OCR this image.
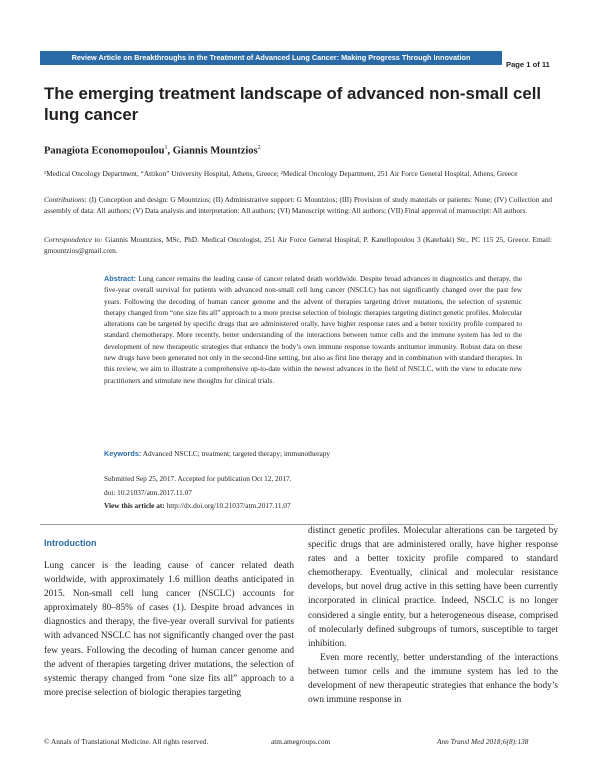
Review Article on Breakthroughs in the Treatment of Advanced Lung Cancer: Making Progress Through Innovation
Page 1 of 11
The emerging treatment landscape of advanced non-small cell lung cancer
Panagiota Economopoulou$^1$, Giannis Mountzios$^2$
¹Medical Oncology Department, “Attikon” University Hospital, Athens, Greece; ²Medical Oncology Department, 251 Air Force General Hospital, Athens, Greece
Contributions: (I) Conception and design: G Mountzios; (II) Administrative support: G Mountzios; (III) Provision of study materials or patients: None; (IV) Collection and assembly of data: All authors; (V) Data analysis and interpretation: All authors; (VI) Manuscript writing: All authors; (VII) Final approval of manuscript: All authors.
Correspondence to: Giannis Mountzios, MSc, PhD. Medical Oncologist, 251 Air Force General Hospital, P. Kanellopoulou 3 (Katehaki) Str., PC 115 25, Greece. Email: gmountzios@gmail.com.
Abstract: Lung cancer remains the leading cause of cancer related death worldwide. Despite broad advances in diagnostics and therapy, the five-year overall survival for patients with advanced non-small cell lung cancer (NSCLC) has not significantly changed over the past few years. Following the decoding of human cancer genome and the advent of therapies targeting driver mutations, the selection of systemic therapy changed from “one size fits all” approach to a more precise selection of biologic therapies targeting distinct genetic profiles. Molecular alterations can be targeted by specific drugs that are administered orally, have higher response rates and a better toxicity profile compared to standard chemotherapy. More recently, better understanding of the interactions between tumor cells and the immune system has led to the development of new therapeutic strategies that enhance the body’s own immune response towards antitumor immunity. Robust data on these new drugs have been generated not only in the second-line setting, but also as first line therapy and in combination with standard therapies. In this review, we aim to illustrate a comprehensive up-to-date within the newest advances in the field of NSCLC, with the view to educate new practitioners and stimulate new thoughts for clinical trials.
Keywords: Advanced NSCLC; treatment; targeted therapy; immunotherapy
Submitted Sep 25, 2017. Accepted for publication Oct 12, 2017.
doi: 10.21037/atm.2017.11.07
View this article at: http://dx.doi.org/10.21037/atm.2017.11.07
Introduction

Lung cancer is the leading cause of cancer related death worldwide, with approximately 1.6 million deaths anticipated in 2015. Non-small cell lung cancer (NSCLC) accounts for approximately 80–85% of cases (1). Despite broad advances in diagnostics and therapy, the five-year overall survival for patients with advanced NSCLC has not significantly changed over the past few years. Following the decoding of human cancer genome and the advent of therapies targeting driver mutations, the selection of systemic therapy changed from “one size fits all” approach to a more precise selection of biologic therapies targeting

distinct genetic profiles. Molecular alterations can be targeted by specific drugs that are administered orally, have higher response rates and a better toxicity profile compared to standard chemotherapy. Eventually, clinical and molecular resistance develops, but novel drug active in this setting have been currently incorporated in clinical practice. Indeed, NSCLC is no longer considered a single entity, but a heterogeneous disease, comprised of molecularly defined subgroups of tumors, susceptible to target inhibition.

Even more recently, better understanding of the interactions between tumor cells and the immune system has led to the development of new therapeutic strategies that enhance the body’s own immune response in

© Annals of Translational Medicine. All rights reserved.	atm.amegroups.com	Ann Transl Med 2018;6(8):138
